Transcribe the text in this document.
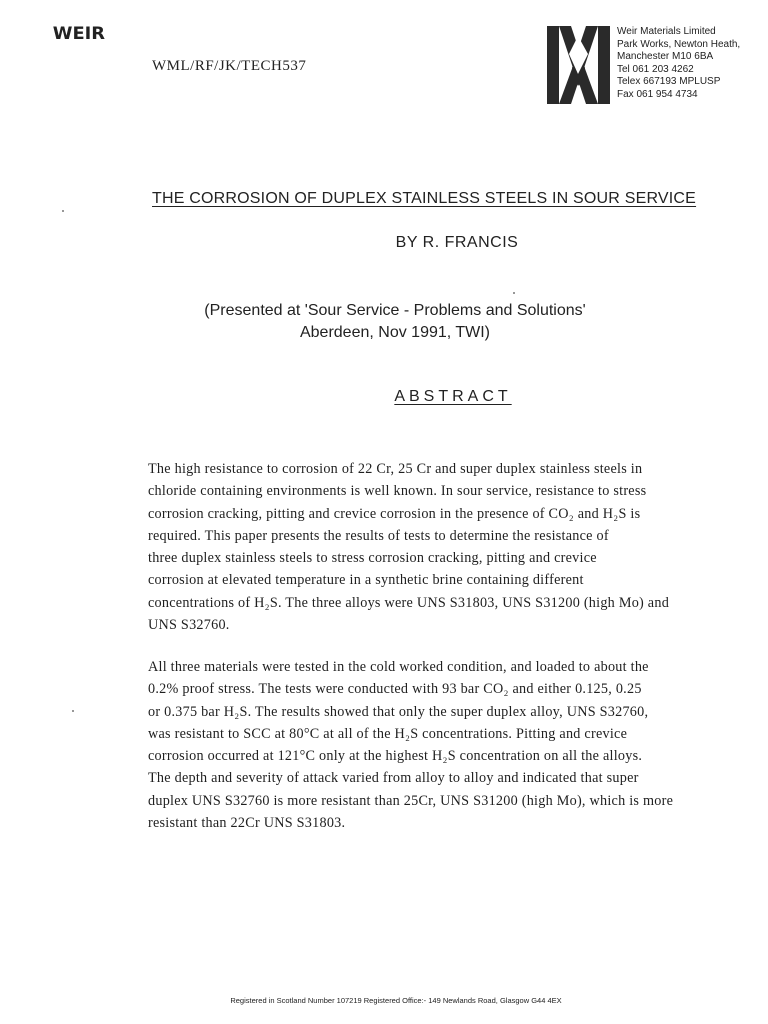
WEIR
WML/RF/JK/TECH537
Weir Materials Limited
Park Works, Newton Heath,
Manchester M10 6BA
Tel 061 203 4262
Telex 667193 MPLUSP
Fax 061 954 4734
THE CORROSION OF DUPLEX STAINLESS STEELS IN SOUR SERVICE
BY R. FRANCIS
(Presented at 'Sour Service - Problems and Solutions'
Aberdeen, Nov 1991, TWI)
ABSTRACT
The high resistance to corrosion of 22 Cr, 25 Cr and super duplex stainless steels in
chloride containing environments is well known. In sour service, resistance to stress
corrosion cracking, pitting and crevice corrosion in the presence of CO₂ and H₂S is
required. This paper presents the results of tests to determine the resistance of
three duplex stainless steels to stress corrosion cracking, pitting and crevice
corrosion at elevated temperature in a synthetic brine containing different
concentrations of H₂S. The three alloys were UNS S31803, UNS S31200 (high Mo) and
UNS S32760.
All three materials were tested in the cold worked condition, and loaded to about the
0.2% proof stress. The tests were conducted with 93 bar CO₂ and either 0.125, 0.25
or 0.375 bar H₂S. The results showed that only the super duplex alloy, UNS S32760,
was resistant to SCC at 80°C at all of the H₂S concentrations. Pitting and crevice
corrosion occurred at 121°C only at the highest H₂S concentration on all the alloys.
The depth and severity of attack varied from alloy to alloy and indicated that super
duplex UNS S32760 is more resistant than 25Cr, UNS S31200 (high Mo), which is more
resistant than 22Cr UNS S31803.
Registered in Scotland Number 107219 Registered Office:- 149 Newlands Road, Glasgow G44 4EX
